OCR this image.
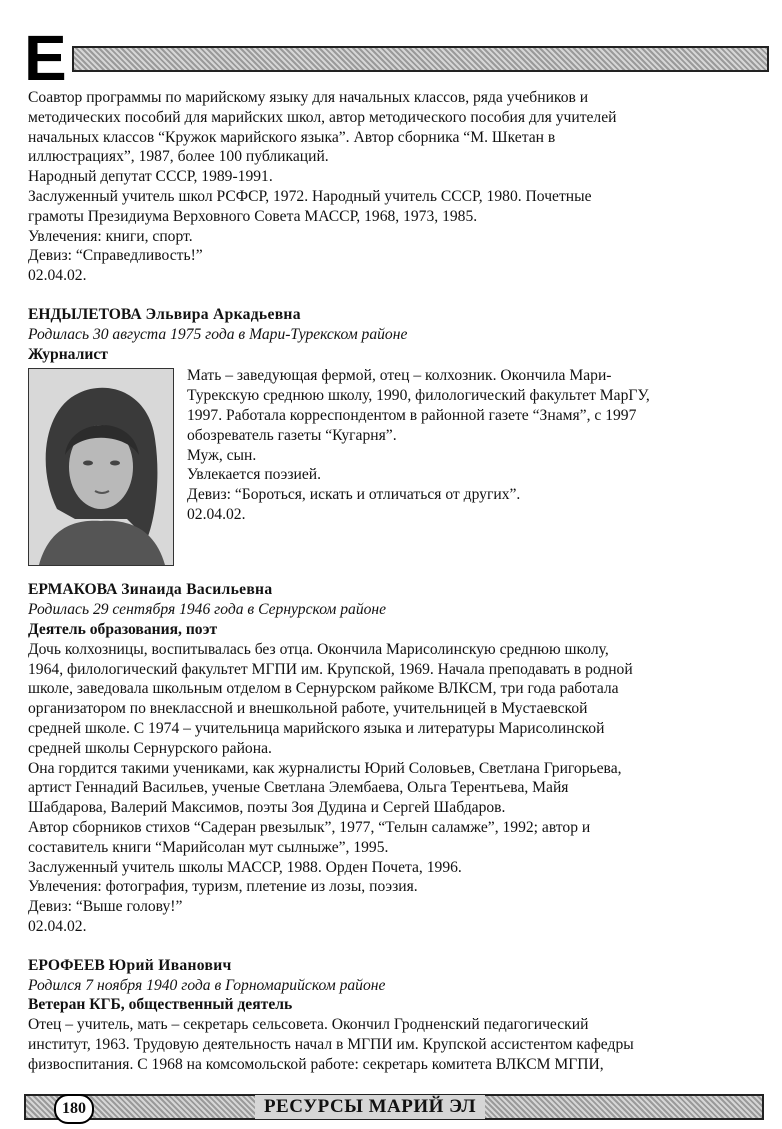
Е

Соавтор программы по марийскому языку для начальных классов, ряда учебников и

методических пособий для марийских школ, автор методического пособия для учителей

начальных классов “Кружок марийского языка”. Автор сборника “М. Шкетан в

иллюстрациях”, 1987, более 100 публикаций.

Народный депутат СССР, 1989-1991.

Заслуженный учитель школ РСФСР, 1972. Народный учитель СССР, 1980. Почетные

грамоты Президиума Верховного Совета МАССР, 1968, 1973, 1985.

Увлечения: книги, спорт.

Девиз: “Справедливость!”

02.04.02.

ЕНДЫЛЕТОВА Эльвира Аркадьевна

Родилась 30 августа 1975 года в Мари-Турекском районе

Журналист

Мать – заведующая фермой, отец – колхозник. Окончила Мари-

Турекскую среднюю школу, 1990, филологический факультет МарГУ,

1997. Работала корреспондентом в районной газете “Знамя”, с 1997

обозреватель газеты “Кугарня”.

Муж, сын.

Увлекается поэзией.

Девиз: “Бороться, искать и отличаться от других”.

02.04.02.

ЕРМАКОВА Зинаида Васильевна

Родилась 29 сентября 1946 года в Сернурском районе

Деятель образования, поэт

Дочь колхозницы, воспитывалась без отца. Окончила Марисолинскую среднюю школу,

1964, филологический факультет МГПИ им. Крупской, 1969. Начала преподавать в родной

школе, заведовала школьным отделом в Сернурском райкоме ВЛКСМ, три года работала

организатором по внеклассной и внешкольной работе, учительницей в Мустаевской

средней школе. С 1974 – учительница марийского языка и литературы Марисолинской

средней школы Сернурского района.

Она гордится такими учениками, как журналисты Юрий Соловьев, Светлана Григорьева,

артист Геннадий Васильев, ученые Светлана Элембаева, Ольга Терентьева, Майя

Шабдарова, Валерий Максимов, поэты Зоя Дудина и Сергей Шабдаров.

Автор сборников стихов “Садеран рвезылык”, 1977, “Телын саламже”, 1992; автор и

составитель книги “Марийсолан мут сылныже”, 1995.

Заслуженный учитель школы МАССР, 1988. Орден Почета, 1996.

Увлечения: фотография, туризм, плетение из лозы, поэзия.

Девиз: “Выше голову!”

02.04.02.

ЕРОФЕЕВ Юрий Иванович

Родился 7 ноября 1940 года в Горномарийском районе

Ветеран КГБ, общественный деятель

Отец – учитель, мать – секретарь сельсовета. Окончил Гродненский педагогический

институт, 1963. Трудовую деятельность начал в МГПИ им. Крупской ассистентом кафедры

физвоспитания. С 1968 на комсомольской работе: секретарь комитета ВЛКСМ МГПИ,

180	РЕСУРСЫ МАРИЙ ЭЛ
